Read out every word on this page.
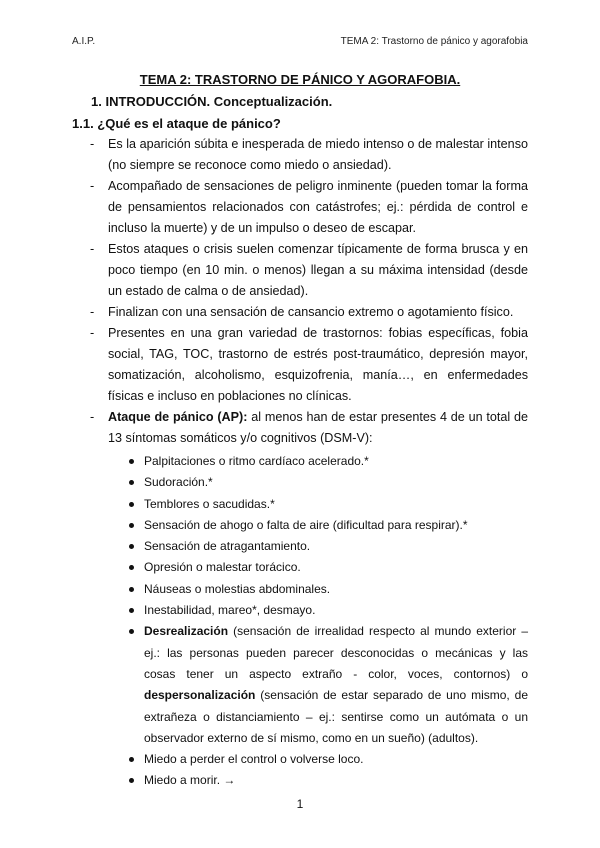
A.I.P.	TEMA 2: Trastorno de pánico y agorafobia
TEMA 2: TRASTORNO DE PÁNICO Y AGORAFOBIA.
1. INTRODUCCIÓN. Conceptualización.
1.1. ¿Qué es el ataque de pánico?
- Es la aparición súbita e inesperada de miedo intenso o de malestar intenso (no siempre se reconoce como miedo o ansiedad).
- Acompañado de sensaciones de peligro inminente (pueden tomar la forma de pensamientos relacionados con catástrofes; ej.: pérdida de control e incluso la muerte) y de un impulso o deseo de escapar.
- Estos ataques o crisis suelen comenzar típicamente de forma brusca y en poco tiempo (en 10 min. o menos) llegan a su máxima intensidad (desde un estado de calma o de ansiedad).
- Finalizan con una sensación de cansancio extremo o agotamiento físico.
- Presentes en una gran variedad de trastornos: fobias específicas, fobia social, TAG, TOC, trastorno de estrés post-traumático, depresión mayor, somatización, alcoholismo, esquizofrenia, manía…, en enfermedades físicas e incluso en poblaciones no clínicas.
- Ataque de pánico (AP): al menos han de estar presentes 4 de un total de 13 síntomas somáticos y/o cognitivos (DSM-V):
Palpitaciones o ritmo cardíaco acelerado.*
Sudoración.*
Temblores o sacudidas.*
Sensación de ahogo o falta de aire (dificultad para respirar).*
Sensación de atragantamiento.
Opresión o malestar torácico.
Náuseas o molestias abdominales.
Inestabilidad, mareo*, desmayo.
Desrealización (sensación de irrealidad respecto al mundo exterior – ej.: las personas pueden parecer desconocidas o mecánicas y las cosas tener un aspecto extraño - color, voces, contornos) o despersonalización (sensación de estar separado de uno mismo, de extrañeza o distanciamiento – ej.: sentirse como un autómata o un observador externo de sí mismo, como en un sueño) (adultos).
Miedo a perder el control o volverse loco.
Miedo a morir. →
1
